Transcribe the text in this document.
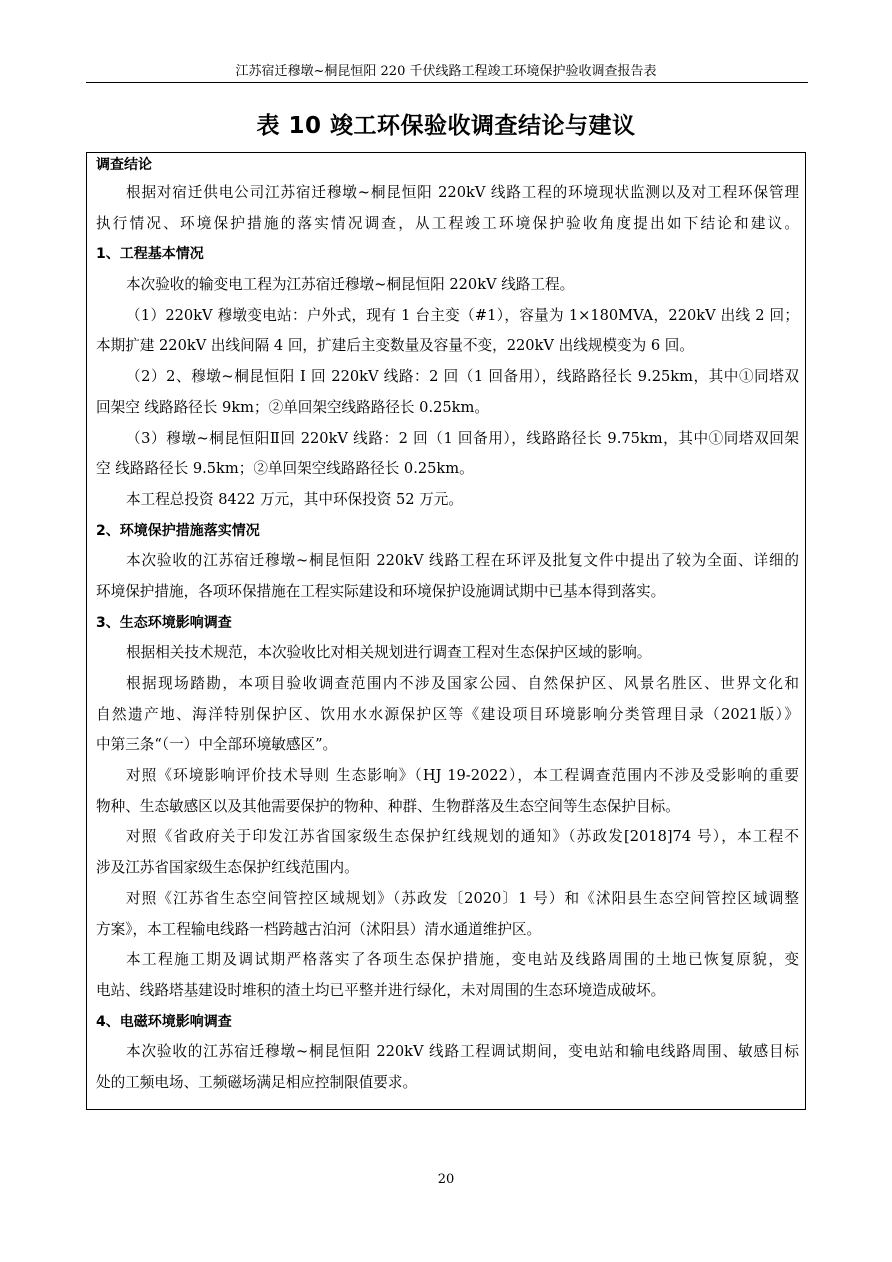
江苏宿迁穆墩~桐昆恒阳 220 千伏线路工程竣工环境保护验收调查报告表
表 10 竣工环保验收调查结论与建议
调查结论
根据对宿迁供电公司江苏宿迁穆墩~桐昆恒阳 220kV 线路工程的环境现状监测以及对工程环保管理
执行情况、环境保护措施的落实情况调查，从工程竣工环境保护验收角度提出如下结论和建议。
1、工程基本情况
本次验收的输变电工程为江苏宿迁穆墩~桐昆恒阳 220kV 线路工程。
（1）220kV 穆墩变电站：户外式，现有 1 台主变（#1），容量为 1×180MVA，220kV 出线 2 回；
本期扩建 220kV 出线间隔 4 回，扩建后主变数量及容量不变，220kV 出线规模变为 6 回。
（2）2、穆墩~桐昆恒阳 I 回 220kV 线路：2 回（1 回备用），线路路径长 9.25km，其中①同塔双
回架空 线路路径长 9km；②单回架空线路路径长 0.25km。
（3）穆墩~桐昆恒阳Ⅱ回 220kV 线路：2 回（1 回备用），线路路径长 9.75km，其中①同塔双回架
空 线路路径长 9.5km；②单回架空线路路径长 0.25km。
本工程总投资 8422 万元，其中环保投资 52 万元。
2、环境保护措施落实情况
本次验收的江苏宿迁穆墩~桐昆恒阳 220kV 线路工程在环评及批复文件中提出了较为全面、详细的
环境保护措施，各项环保措施在工程实际建设和环境保护设施调试期中已基本得到落实。
3、生态环境影响调查
根据相关技术规范，本次验收比对相关规划进行调查工程对生态保护区域的影响。
根据现场踏勘，本项目验收调查范围内不涉及国家公园、自然保护区、风景名胜区、世界文化和
自然遗产地、海洋特别保护区、饮用水水源保护区等《建设项目环境影响分类管理目录（2021版）》
中第三条“（一）中全部环境敏感区”。
对照《环境影响评价技术导则 生态影响》（HJ 19-2022），本工程调查范围内不涉及受影响的重要
物种、生态敏感区以及其他需要保护的物种、种群、生物群落及生态空间等生态保护目标。
对照《省政府关于印发江苏省国家级生态保护红线规划的通知》（苏政发[2018]74 号），本工程不
涉及江苏省国家级生态保护红线范围内。
对照《江苏省生态空间管控区域规划》（苏政发〔2020〕1 号）和《沭阳县生态空间管控区域调整
方案》，本工程输电线路一档跨越古泊河（沭阳县）清水通道维护区。
本工程施工期及调试期严格落实了各项生态保护措施，变电站及线路周围的土地已恢复原貌，变
电站、线路塔基建设时堆积的渣土均已平整并进行绿化，未对周围的生态环境造成破坏。
4、电磁环境影响调查
本次验收的江苏宿迁穆墩~桐昆恒阳 220kV 线路工程调试期间，变电站和输电线路周围、敏感目标
处的工频电场、工频磁场满足相应控制限值要求。
20
